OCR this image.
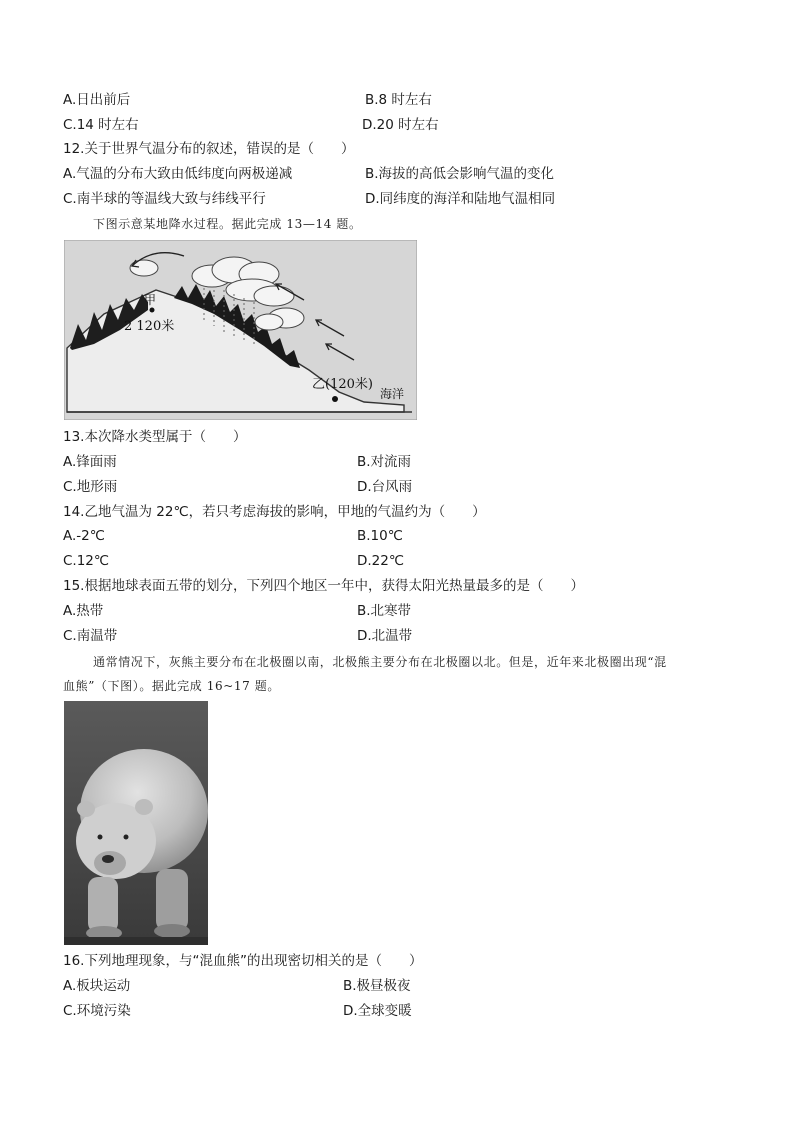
A.日出前后	B.8 时左右
C.14 时左右	D.20 时左右
12.关于世界气温分布的叙述，错误的是（　　）
A.气温的分布大致由低纬度向两极递减	B.海拔的高低会影响气温的变化
C.南半球的等温线大致与纬线平行	D.同纬度的海洋和陆地气温相同
下图示意某地降水过程。据此完成 13—14 题。
甲
2 120米
乙(120米)
海洋
13.本次降水类型属于（　　）
A.锋面雨	B.对流雨
C.地形雨	D.台风雨
14.乙地气温为 22℃，若只考虑海拔的影响，甲地的气温约为（　　）
A.-2℃	B.10℃
C.12℃	D.22℃
15.根据地球表面五带的划分，下列四个地区一年中，获得太阳光热量最多的是（　　）
A.热带	B.北寒带
C.南温带	D.北温带
通常情况下，灰熊主要分布在北极圈以南，北极熊主要分布在北极圈以北。但是，近年来北极圈出现“混
血熊”（下图）。据此完成 16~17 题。
16.下列地理现象，与“混血熊”的出现密切相关的是（　　）
A.板块运动	B.极昼极夜
C.环境污染	D.全球变暖
